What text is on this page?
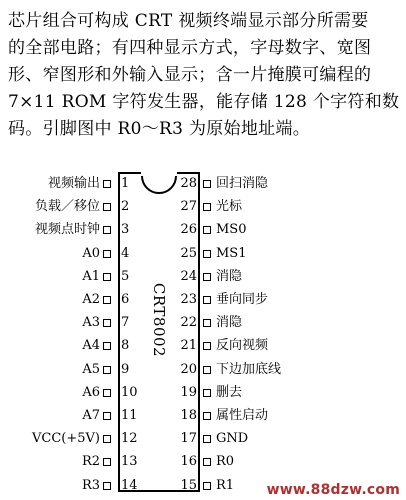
芯片组合可构成 CRT 视频终端显示部分所需要
的全部电路；有四种显示方式，字母数字、宽图
形、窄图形和外输入显示；含一片掩膜可编程的
7×11 ROM 字符发生器，能存储 128 个字符和数
码。引脚图中 R0～R3 为原始地址端。
CRT8002
视频输出 1
负载／移位 2
视频点时钟 3
A0 4
A1 5
A2 6
A3 7
A4 8
A5 9
A6 10
A7 11
VCC(+5V) 12
R2 13
R3 14
28 回扫消隐
27 光标
26 MS0
25 MS1
24 消隐
23 垂向同步
22 消隐
21 反向视频
20 下边加底线
19 删去
18 属性启动
17 GND
16 R0
15 R1 www.88dzw.com
